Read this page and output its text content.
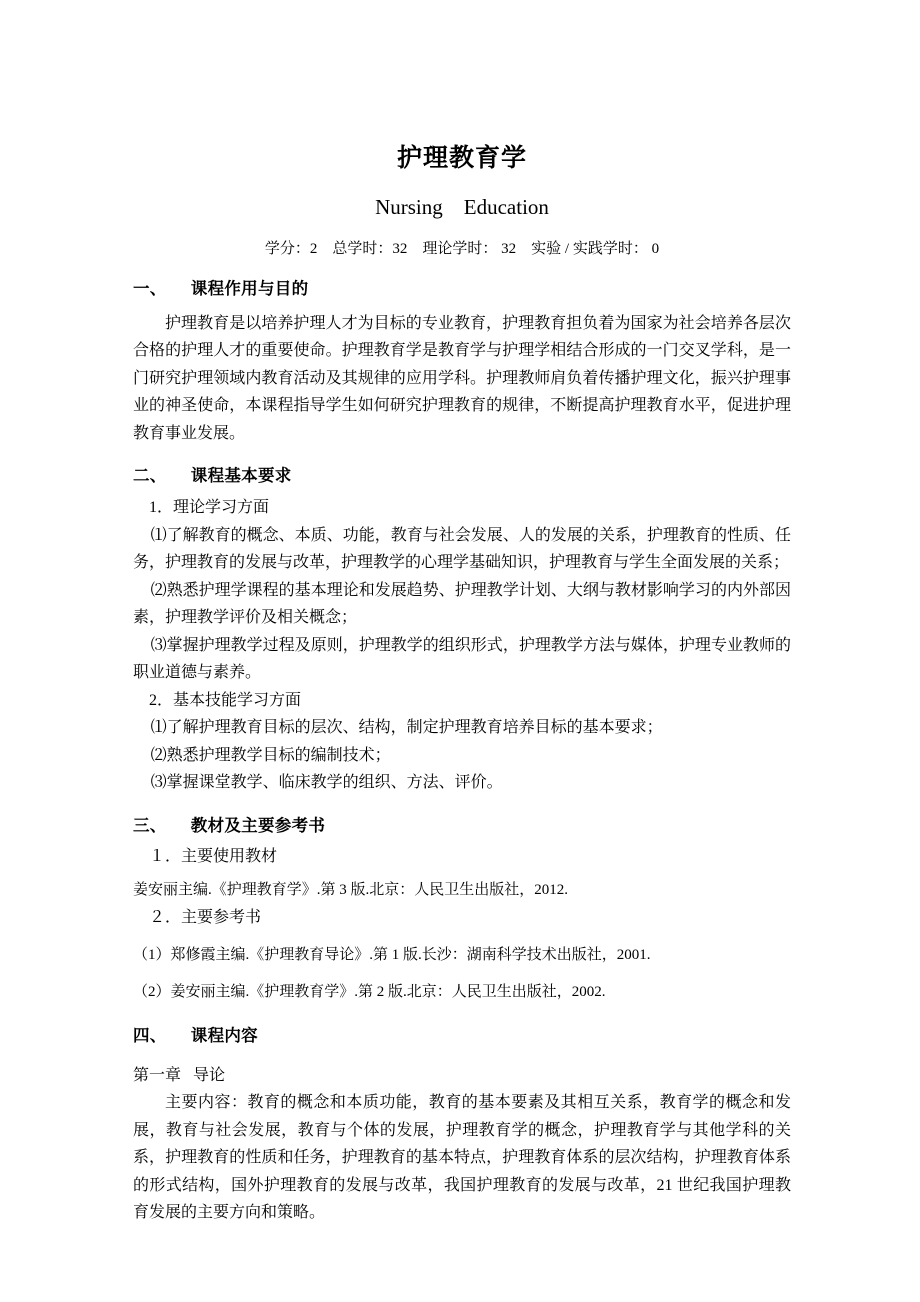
护理教育学
Nursing    Education
学分：2    总学时：32    理论学时： 32    实验 / 实践学时： 0
一、    课程作用与目的

护理教育是以培养护理人才为目标的专业教育，护理教育担负着为国家为社会培养各层次合格的护理人才的重要使命。护理教育学是教育学与护理学相结合形成的一门交叉学科，是一门研究护理领域内教育活动及其规律的应用学科。护理教师肩负着传播护理文化，振兴护理事业的神圣使命，本课程指导学生如何研究护理教育的规律，不断提高护理教育水平，促进护理教育事业发展。

二、    课程基本要求
1．理论学习方面

⑴了解教育的概念、本质、功能，教育与社会发展、人的发展的关系，护理教育的性质、任务，护理教育的发展与改革，护理教学的心理学基础知识，护理教育与学生全面发展的关系；

⑵熟悉护理学课程的基本理论和发展趋势、护理教学计划、大纲与教材影响学习的内外部因素，护理教学评价及相关概念；

⑶掌握护理教学过程及原则，护理教学的组织形式，护理教学方法与媒体，护理专业教师的职业道德与素养。

2．基本技能学习方面

⑴了解护理教育目标的层次、结构，制定护理教育培养目标的基本要求；

⑵熟悉护理教学目标的编制技术；

⑶掌握课堂教学、临床教学的组织、方法、评价。

三、    教材及主要参考书
１．主要使用教材
姜安丽主编.《护理教育学》.第 3 版.北京：人民卫生出版社，2012.
２．主要参考书
（1）郑修霞主编.《护理教育导论》.第 1 版.长沙：湖南科学技术出版社，2001.
（2）姜安丽主编.《护理教育学》.第 2 版.北京：人民卫生出版社，2002.
四、    课程内容
第一章   导论

主要内容：教育的概念和本质功能，教育的基本要素及其相互关系，教育学的概念和发展，教育与社会发展，教育与个体的发展，护理教育学的概念，护理教育学与其他学科的关系，护理教育的性质和任务，护理教育的基本特点，护理教育体系的层次结构，护理教育体系的形式结构，国外护理教育的发展与改革，我国护理教育的发展与改革，21 世纪我国护理教育发展的主要方向和策略。
